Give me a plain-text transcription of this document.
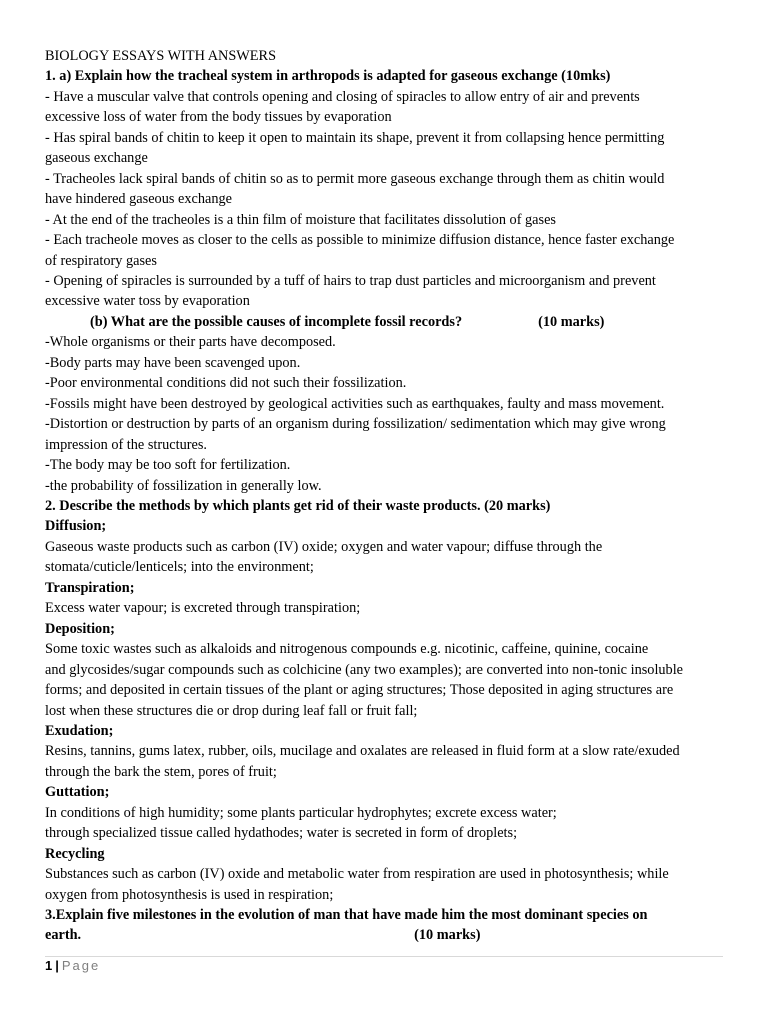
BIOLOGY ESSAYS WITH ANSWERS
1. a) Explain how the tracheal system in arthropods is adapted for gaseous exchange (10mks)
- Have a muscular valve that controls opening and closing of spiracles to allow entry of air and prevents
excessive loss of water from the body tissues by evaporation
- Has spiral bands of chitin to keep it open to maintain its shape, prevent it from collapsing hence permitting
gaseous exchange
- Tracheoles lack spiral bands of chitin so as to permit more gaseous exchange through them as chitin would
have hindered gaseous exchange
- At the end of the tracheoles is a thin film of moisture that facilitates dissolution of gases
- Each tracheole moves as closer to the cells as possible to minimize diffusion distance, hence faster exchange
of respiratory gases
- Opening of spiracles is surrounded by a tuff of hairs to trap dust particles and microorganism and prevent
excessive water toss by evaporation
(b) What are the possible causes of incomplete fossil records?	(10 marks)
-Whole organisms or their parts have decomposed.
-Body parts may have been scavenged upon.
-Poor environmental conditions did not such their fossilization.
-Fossils might have been destroyed by geological activities such as earthquakes, faulty and mass movement.
-Distortion or destruction by parts of an organism during fossilization/ sedimentation which may give wrong
impression of the structures.
-The body may be too soft for fertilization.
-the probability of fossilization in generally low.
2. Describe the methods by which plants get rid of their waste products. (20 marks)
Diffusion;
Gaseous waste products such as carbon (IV) oxide; oxygen and water vapour; diffuse through the
stomata/cuticle/lenticels; into the environment;
Transpiration;
Excess water vapour; is excreted through transpiration;
Deposition;
Some toxic wastes such as alkaloids and nitrogenous compounds e.g. nicotinic, caffeine, quinine, cocaine
and glycosides/sugar compounds such as colchicine (any two examples); are converted into non-tonic insoluble
forms; and deposited in certain tissues of the plant or aging structures; Those deposited in aging structures are
lost when these structures die or drop during leaf fall or fruit fall;
Exudation;
Resins, tannins, gums latex, rubber, oils, mucilage and oxalates are released in fluid form at a slow rate/exuded
through the bark the stem, pores of fruit;
Guttation;
In conditions of high humidity; some plants particular hydrophytes; excrete excess water;
through specialized tissue called hydathodes; water is secreted in form of droplets;
Recycling
Substances such as carbon (IV) oxide and metabolic water from respiration are used in photosynthesis; while
oxygen from photosynthesis is used in respiration;
3.Explain five milestones in the evolution of man that have made him the most dominant species on
earth.	(10 marks)
1 | Page
